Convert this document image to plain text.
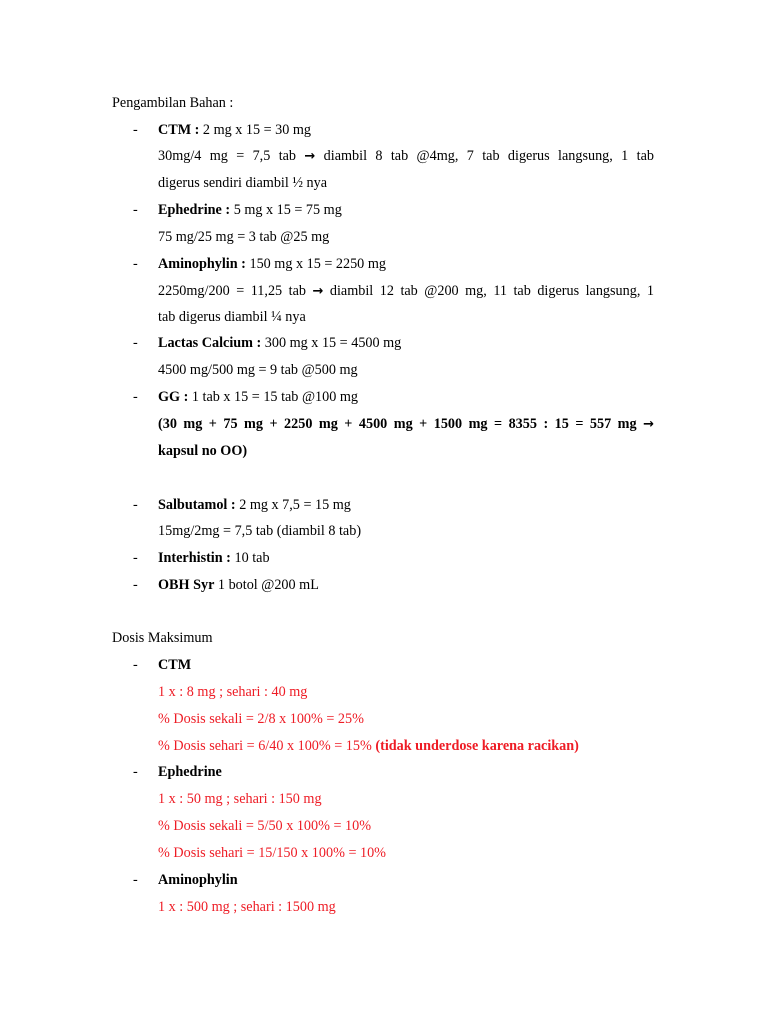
Pengambilan Bahan :
- CTM : 2 mg x 15 = 30 mg
30mg/4 mg = 7,5 tab → diambil 8 tab @4mg, 7 tab digerus langsung, 1 tab
digerus sendiri diambil ½ nya
- Ephedrine : 5 mg x 15 = 75 mg
75 mg/25 mg = 3 tab @25 mg
- Aminophylin : 150 mg x 15 = 2250 mg
2250mg/200 = 11,25 tab → diambil 12 tab @200 mg, 11 tab digerus langsung, 1
tab digerus diambil ¼ nya
- Lactas Calcium : 300 mg x 15 = 4500 mg
4500 mg/500 mg = 9 tab @500 mg
- GG : 1 tab x 15 = 15 tab @100 mg
(30 mg + 75 mg + 2250 mg + 4500 mg + 1500 mg = 8355 : 15 = 557 mg →
kapsul no OO)
- Salbutamol : 2 mg x 7,5 = 15 mg
15mg/2mg = 7,5 tab (diambil 8 tab)
- Interhistin : 10 tab
- OBH Syr 1 botol @200 mL
Dosis Maksimum
- CTM
1 x : 8 mg ; sehari : 40 mg
% Dosis sekali = 2/8 x 100% = 25%
% Dosis sehari = 6/40 x 100% = 15% (tidak underdose karena racikan)
- Ephedrine
1 x : 50 mg ; sehari : 150 mg
% Dosis sekali = 5/50 x 100% = 10%
% Dosis sehari = 15/150 x 100% = 10%
- Aminophylin
1 x : 500 mg ; sehari : 1500 mg
